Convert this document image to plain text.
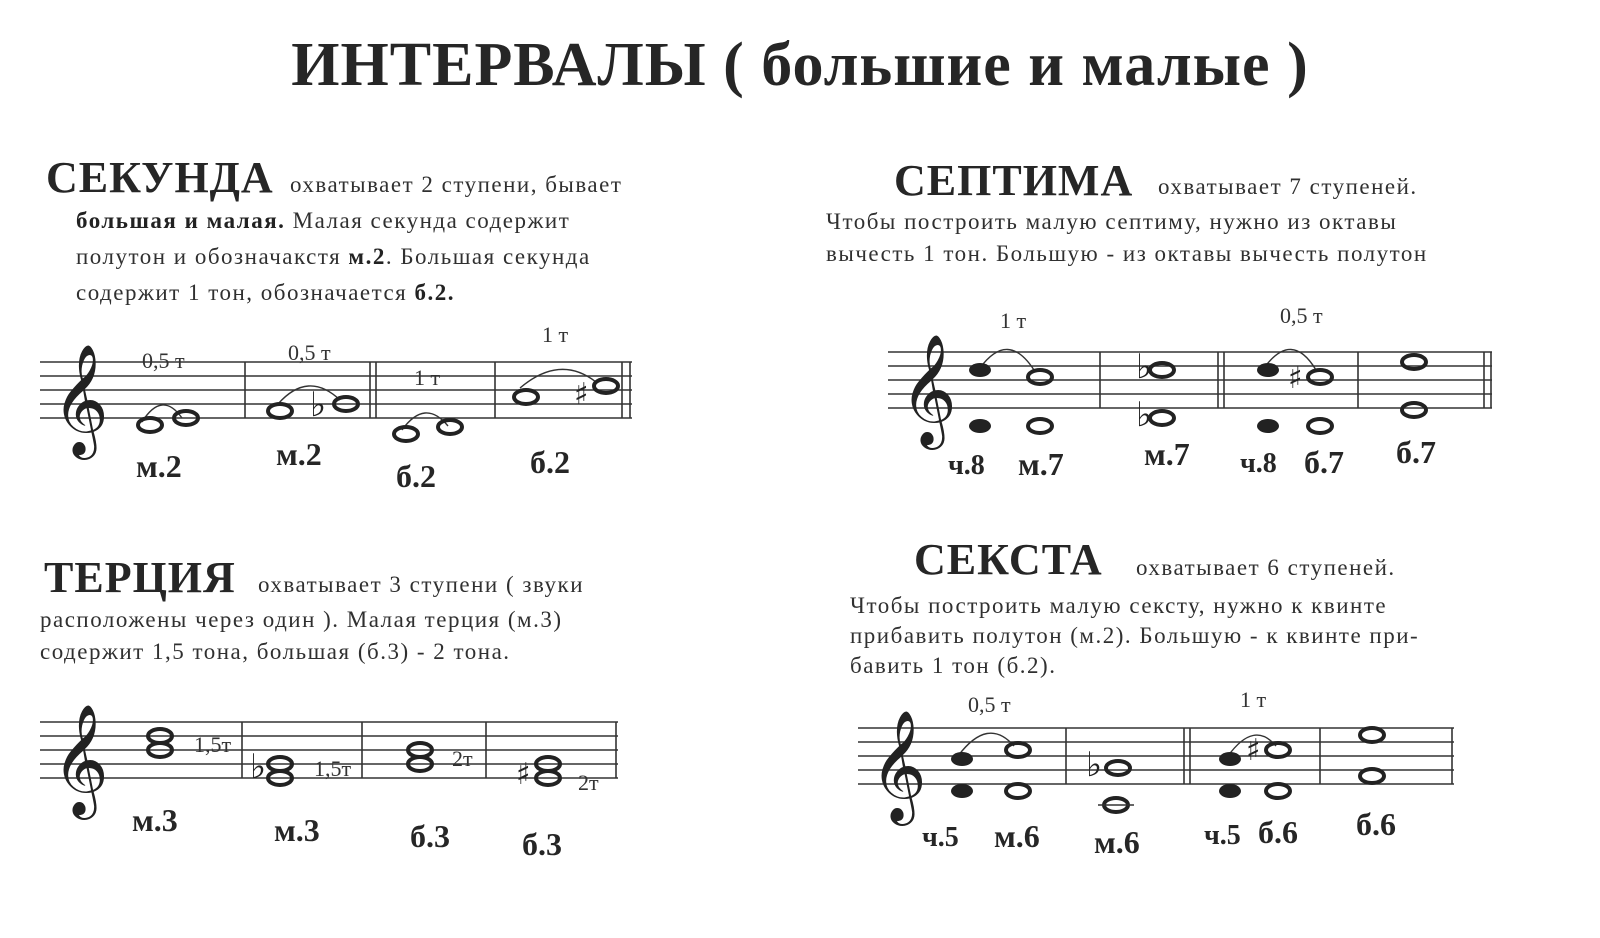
ИНТЕРВАЛЫ ( большие и малые )
СЕКУНДА охватывает 2 ступени, бывает
большая и малая. Малая секунда содержит
полутон и обозначакстя м.2. Большая секунда
содержит 1 тон, обозначается б.2.
𝄞	♭	♯
0,5 т	0,5 т
1 т
1 т
м.2	м.2
б.2	б.2
ТЕРЦИЯ охватывает 3 ступени ( звуки
расположены через один ). Малая терция (м.3)
содержит 1,5 тона, большая (б.3) - 2 тона.
𝄞	♭	♯
1,5т
1,5т	2т
2т
м.3	м.3	б.3 б.3
СЕПТИМА охватывает 7 ступеней.
Чтобы построить малую септиму, нужно из октавы
вычесть 1 тон. Большую - из октавы вычесть полутон
𝄞	♭
♭
♯
1 т	0,5 т
ч.8 м.7	м.7 ч.8 б.7 б.7
СЕКСТА охватывает 6 ступеней.
Чтобы построить малую сексту, нужно к квинте
прибавить полутон (м.2). Большую - к квинте при-
бавить 1 тон (б.2).
𝄞	♭	♯
0,5 т	1 т
ч.5 м.6 м.6 ч.5 б.6 б.6
